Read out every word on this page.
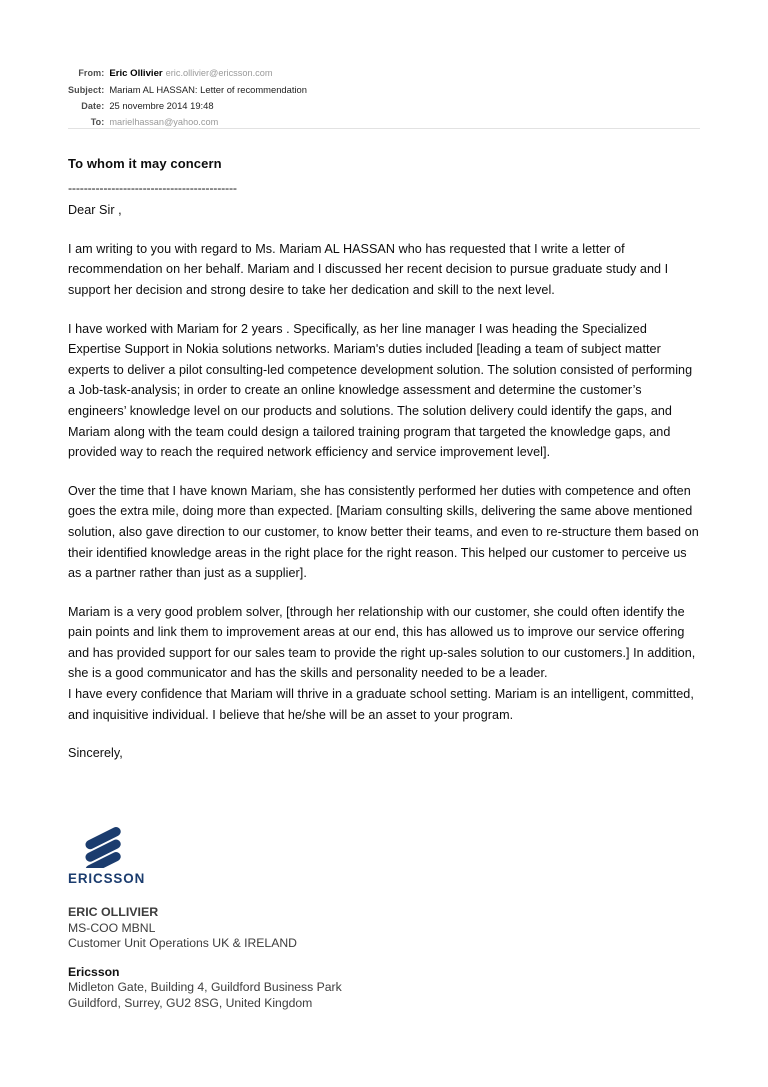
From:	Eric Ollivier eric.ollivier@ericsson.com
Subject:	Mariam AL HASSAN: Letter of recommendation
Date:	25 novembre 2014 19:48
To:	marielhassan@yahoo.com

To whom it may concern

-------------------------------------------

Dear Sir ,

I am writing to you with regard to Ms. Mariam AL HASSAN who has requested that I write a letter of recommendation on her behalf. Mariam and I discussed her recent decision to pursue graduate study and I support her decision and strong desire to take her dedication and skill to the next level.

I have worked with Mariam for 2 years . Specifically, as her line manager I was heading the Specialized Expertise Support in Nokia solutions networks. Mariam's duties included [leading a team of subject matter experts to deliver a pilot consulting-led competence development solution. The solution consisted of performing a Job-task-analysis; in order to create an online knowledge assessment and determine the customer’s engineers’ knowledge level on our products and solutions. The solution delivery could identify the gaps, and Mariam along with the team could design a tailored training program that targeted the knowledge gaps, and provided way to reach the required network efficiency and service improvement level].

Over the time that I have known Mariam, she has consistently performed her duties with competence and often goes the extra mile, doing more than expected. [Mariam consulting skills, delivering the same above mentioned solution, also gave direction to our customer, to know better their teams, and even to re-structure them based on their identified knowledge areas in the right place for the right reason. This helped our customer to perceive us as a partner rather than just as a supplier].

Mariam is a very good problem solver, [through her relationship with our customer, she could often identify the pain points and link them to improvement areas at our end, this has allowed us to improve our service offering and has provided support for our sales team to provide the right up-sales solution to our customers.] In addition, she is a good communicator and has the skills and personality needed to be a leader.

I have every confidence that Mariam will thrive in a graduate school setting. Mariam is an intelligent, committed, and inquisitive individual. I believe that he/she will be an asset to your program.

Sincerely,

ERICSSON
ERIC OLLIVIER
MS-COO MBNL
Customer Unit Operations UK & IRELAND
Ericsson
Midleton Gate, Building 4, Guildford Business Park
Guildford, Surrey, GU2 8SG, United Kingdom
